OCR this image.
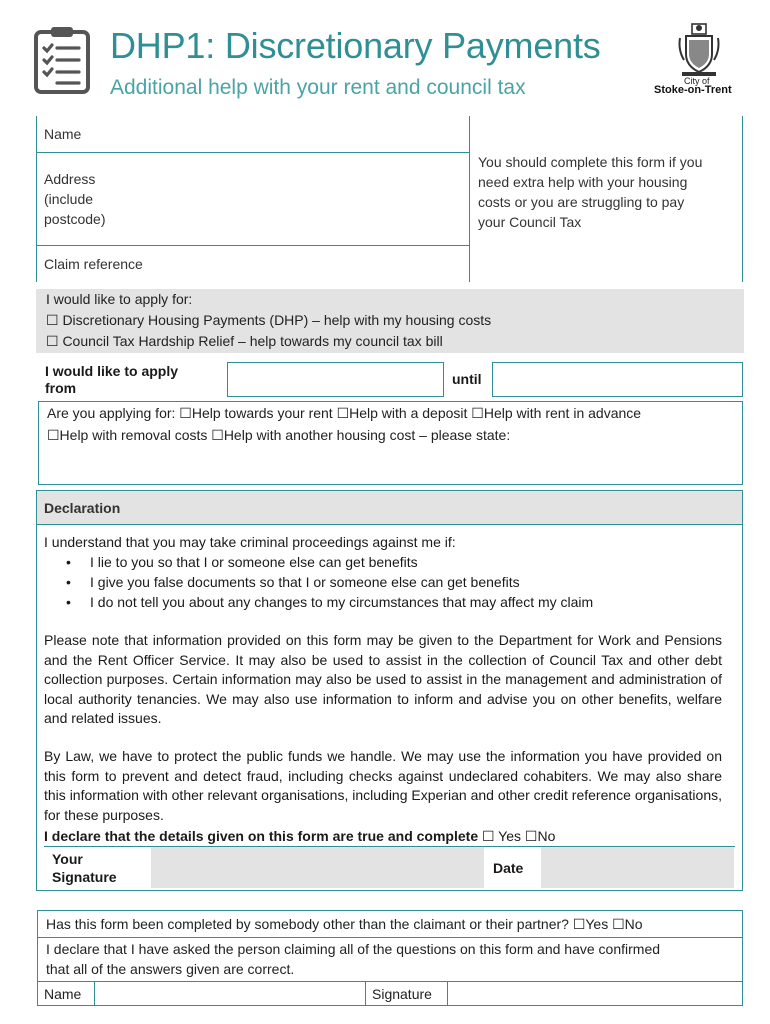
DHP1: Discretionary Payments
Additional help with your rent and council tax	City of
Stoke-on-Trent
Name
Address
(include
postcode)
Claim reference
You should complete this form if you
need extra help with your housing
costs or you are struggling to pay
your Council Tax
I would like to apply for:
☐ Discretionary Housing Payments (DHP) – help with my housing costs
☐ Council Tax Hardship Relief – help towards my council tax bill
I would like to apply
from
until
Are you applying for: ☐Help towards your rent ☐Help with a deposit ☐Help with rent in advance
☐Help with removal costs ☐Help with another housing cost – please state:
Declaration
I understand that you may take criminal proceedings against me if:
• I lie to you so that I or someone else can get benefits
• I give you false documents so that I or someone else can get benefits
• I do not tell you about any changes to my circumstances that may affect my claim
Please note that information provided on this form may be given to the Department for Work and Pensions and the Rent Officer Service. It may also be used to assist in the collection of Council Tax and other debt collection purposes. Certain information may also be used to assist in the management and administration of local authority tenancies. We may also use information to inform and advise you on other benefits, welfare and related issues.
By Law, we have to protect the public funds we handle. We may use the information you have provided on this form to prevent and detect fraud, including checks against undeclared cohabiters. We may also share this information with other relevant organisations, including Experian and other credit reference organisations, for these purposes.
I declare that the details given on this form are true and complete ☐ Yes ☐No
Your
Signature
Date
Has this form been completed by somebody other than the claimant or their partner? ☐Yes ☐No
I declare that I have asked the person claiming all of the questions on this form and have confirmed
that all of the answers given are correct.
Name	Signature
